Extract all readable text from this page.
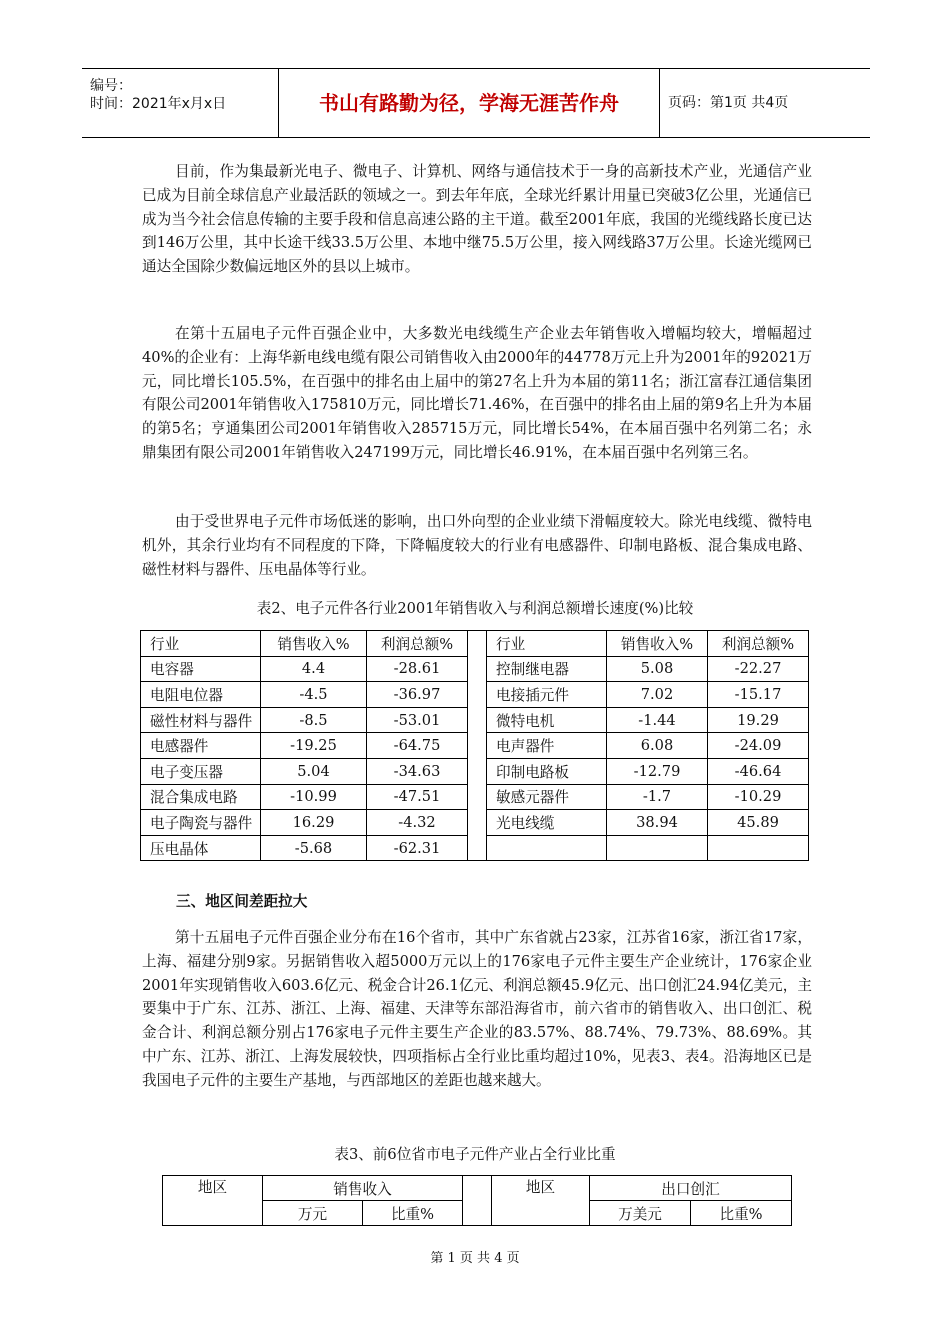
编号：
时间：2021年x月x日	书山有路勤为径，学海无涯苦作舟	页码：第1页 共4页

目前，作为集最新光电子、微电子、计算机、网络与通信技术于一身的高新技术产业，光通信产业已成为目前全球信息产业最活跃的领域之一。到去年年底，全球光纤累计用量已突破3亿公里，光通信已成为当今社会信息传输的主要手段和信息高速公路的主干道。截至2001年底，我国的光缆线路长度已达到146万公里，其中长途干线33.5万公里、本地中继75.5万公里，接入网线路37万公里。长途光缆网已通达全国除少数偏远地区外的县以上城市。

在第十五届电子元件百强企业中，大多数光电线缆生产企业去年销售收入增幅均较大，增幅超过40%的企业有：上海华新电线电缆有限公司销售收入由2000年的44778万元上升为2001年的92021万元，同比增长105.5%，在百强中的排名由上届中的第27名上升为本届的第11名；浙江富春江通信集团有限公司2001年销售收入175810万元，同比增长71.46%，在百强中的排名由上届的第9名上升为本届的第5名；亨通集团公司2001年销售收入285715万元，同比增长54%，在本届百强中名列第二名；永鼎集团有限公司2001年销售收入247199万元，同比增长46.91%，在本届百强中名列第三名。

由于受世界电子元件市场低迷的影响，出口外向型的企业业绩下滑幅度较大。除光电线缆、微特电机外，其余行业均有不同程度的下降，下降幅度较大的行业有电感器件、印制电路板、混合集成电路、磁性材料与器件、压电晶体等行业。

表2、电子元件各行业2001年销售收入与利润总额增长速度(%)比较

行业	销售收入%	利润总额%		行业	销售收入%	利润总额%
电容器	4.4	-28.61		控制继电器	5.08	-22.27
电阻电位器	-4.5	-36.97		电接插元件	7.02	-15.17
磁性材料与器件	-8.5	-53.01		微特电机	-1.44	19.29
电感器件	-19.25	-64.75		电声器件	6.08	-24.09
电子变压器	5.04	-34.63		印制电路板	-12.79	-46.64
混合集成电路	-10.99	-47.51		敏感元器件	-1.7	-10.29
电子陶瓷与器件	16.29	-4.32		光电线缆	38.94	45.89
压电晶体	-5.68	-62.31				

三、地区间差距拉大

第十五届电子元件百强企业分布在16个省市，其中广东省就占23家，江苏省16家，浙江省17家，上海、福建分别9家。另据销售收入超5000万元以上的176家电子元件主要生产企业统计，176家企业2001年实现销售收入603.6亿元、税金合计26.1亿元、利润总额45.9亿元、出口创汇24.94亿美元，主要集中于广东、江苏、浙江、上海、福建、天津等东部沿海省市，前六省市的销售收入、出口创汇、税金合计、利润总额分别占176家电子元件主要生产企业的83.57%、88.74%、79.73%、88.69%。其中广东、江苏、浙江、上海发展较快，四项指标占全行业比重均超过10%，见表3、表4。沿海地区已是我国电子元件的主要生产基地，与西部地区的差距也越来越大。

表3、前6位省市电子元件产业占全行业比重

地区	销售收入			地区	出口创汇	
	万元	比重%			万美元	比重%
第 1 页 共 4 页
